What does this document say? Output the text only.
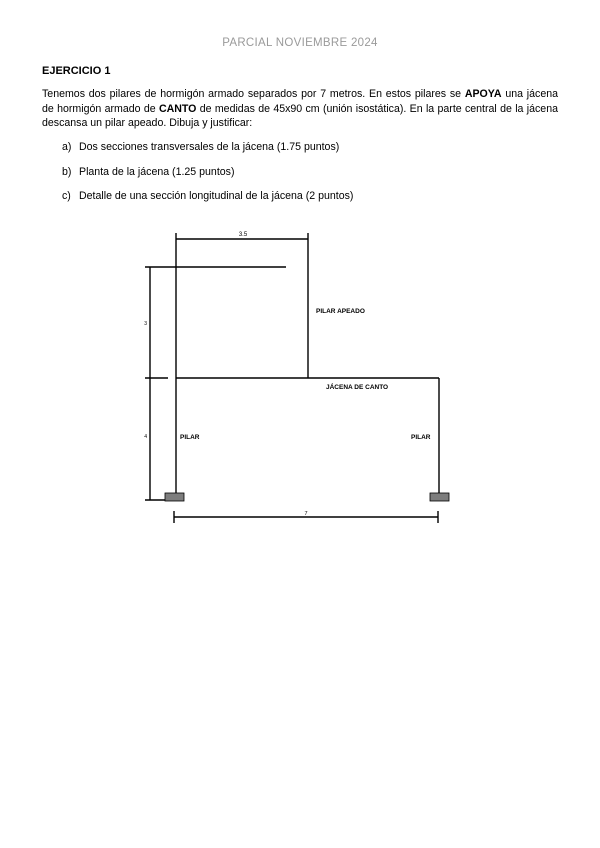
PARCIAL NOVIEMBRE 2024
EJERCICIO 1
Tenemos dos pilares de hormigón armado separados por 7 metros. En estos pilares se APOYA una jácena de hormigón armado de CANTO de medidas de 45x90 cm (unión isostática). En la parte central de la jácena descansa un pilar apeado. Dibuja y justificar:
a) Dos secciones transversales de la jácena (1.75 puntos)
b) Planta de la jácena (1.25 puntos)
c) Detalle de una sección longitudinal de la jácena (2 puntos)
3.5
PILAR APEADO
JÁCENA DE CANTO
PILAR	PILAR
7
3
4
